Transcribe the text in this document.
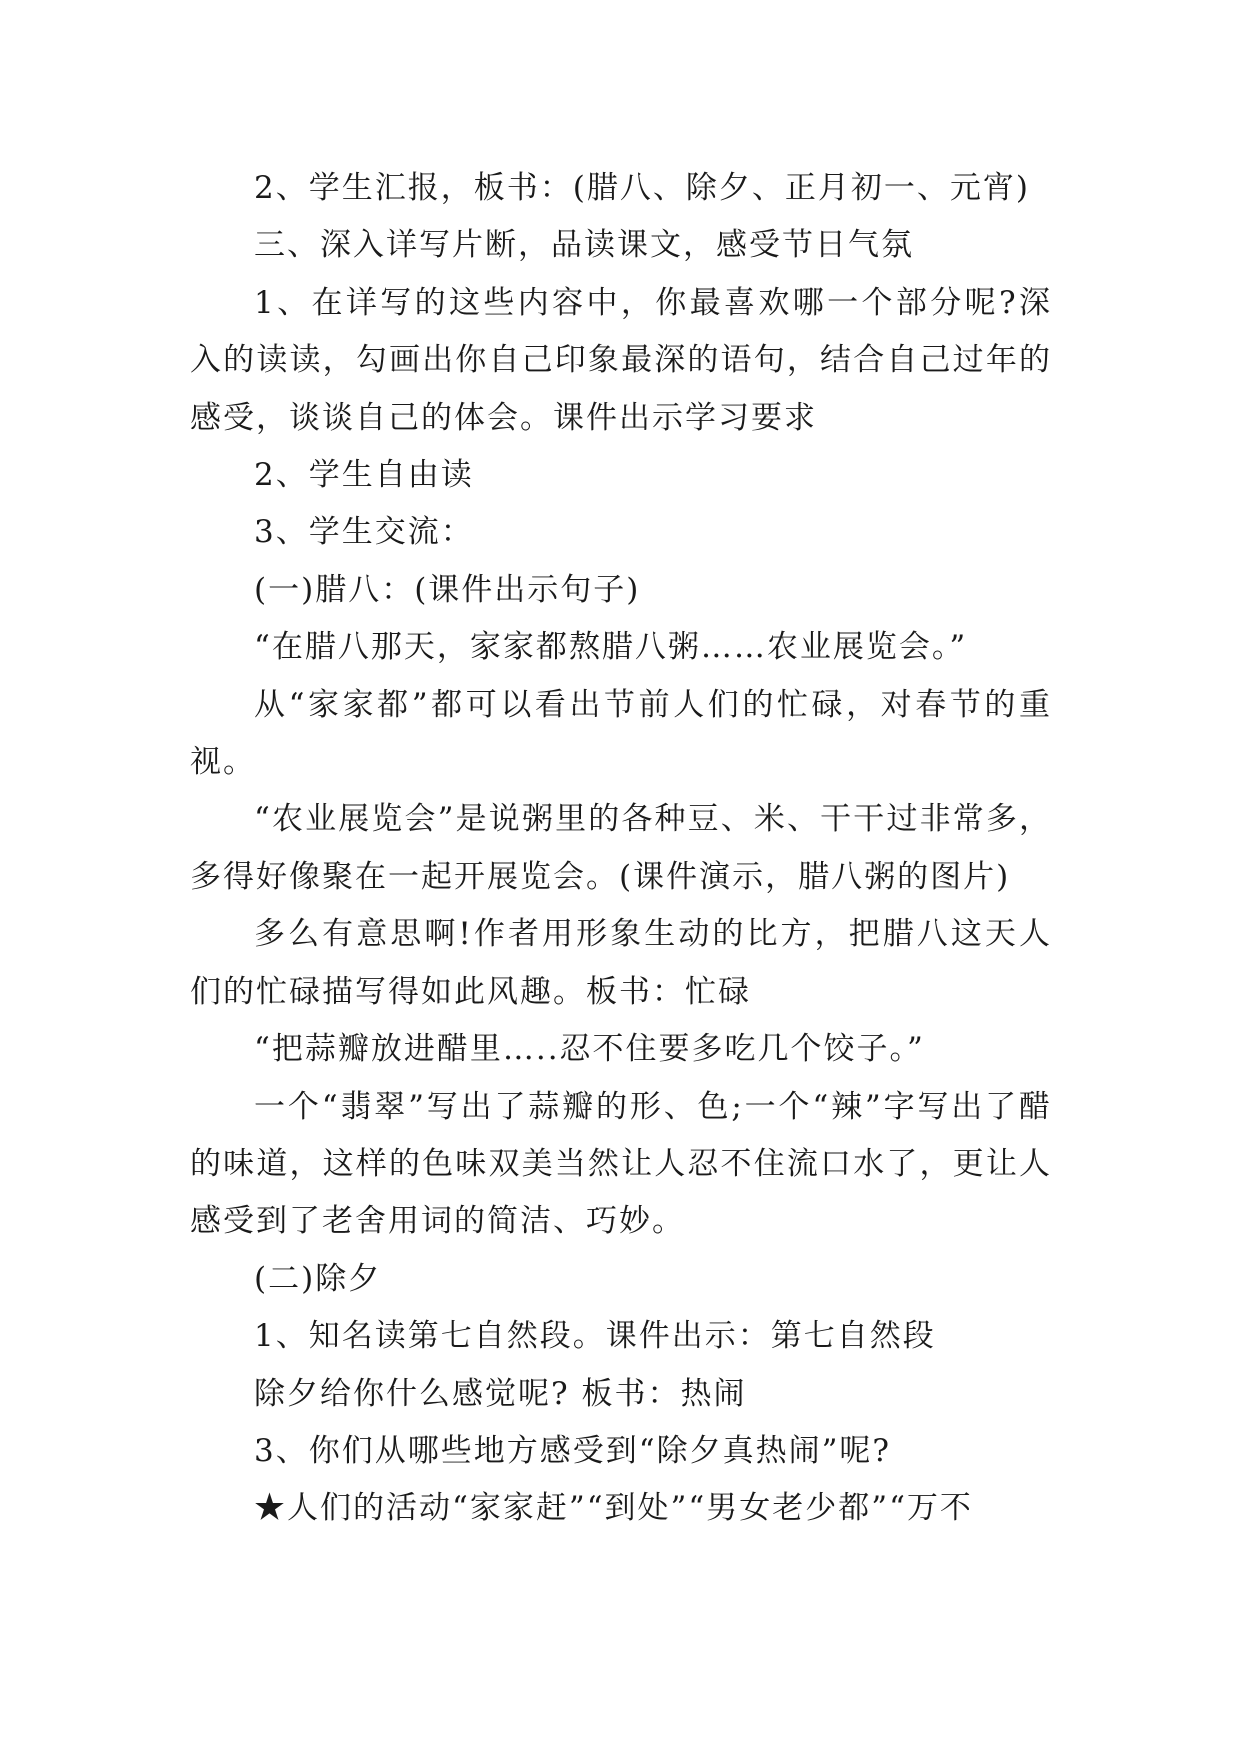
2、学生汇报，板书：(腊八、除夕、正月初一、元宵)

三、深入详写片断，品读课文，感受节日气氛

1、在详写的这些内容中，你最喜欢哪一个部分呢?深入的读读，勾画出你自己印象最深的语句，结合自己过年的感受，谈谈自己的体会。课件出示学习要求

2、学生自由读

3、学生交流：

(一)腊八：(课件出示句子)

“在腊八那天，家家都熬腊八粥……农业展览会。”

从“家家都”都可以看出节前人们的忙碌，对春节的重视。

“农业展览会”是说粥里的各种豆、米、干干过非常多，多得好像聚在一起开展览会。(课件演示，腊八粥的图片)

多么有意思啊!作者用形象生动的比方，把腊八这天人们的忙碌描写得如此风趣。板书：忙碌

“把蒜瓣放进醋里…..忍不住要多吃几个饺子。”

一个“翡翠”写出了蒜瓣的形、色;一个“辣”字写出了醋的味道，这样的色味双美当然让人忍不住流口水了，更让人感受到了老舍用词的简洁、巧妙。

(二)除夕

1、知名读第七自然段。课件出示：第七自然段

除夕给你什么感觉呢? 板书：热闹

3、你们从哪些地方感受到“除夕真热闹”呢?

★人们的活动“家家赶”“到处”“男女老少都”“万不
